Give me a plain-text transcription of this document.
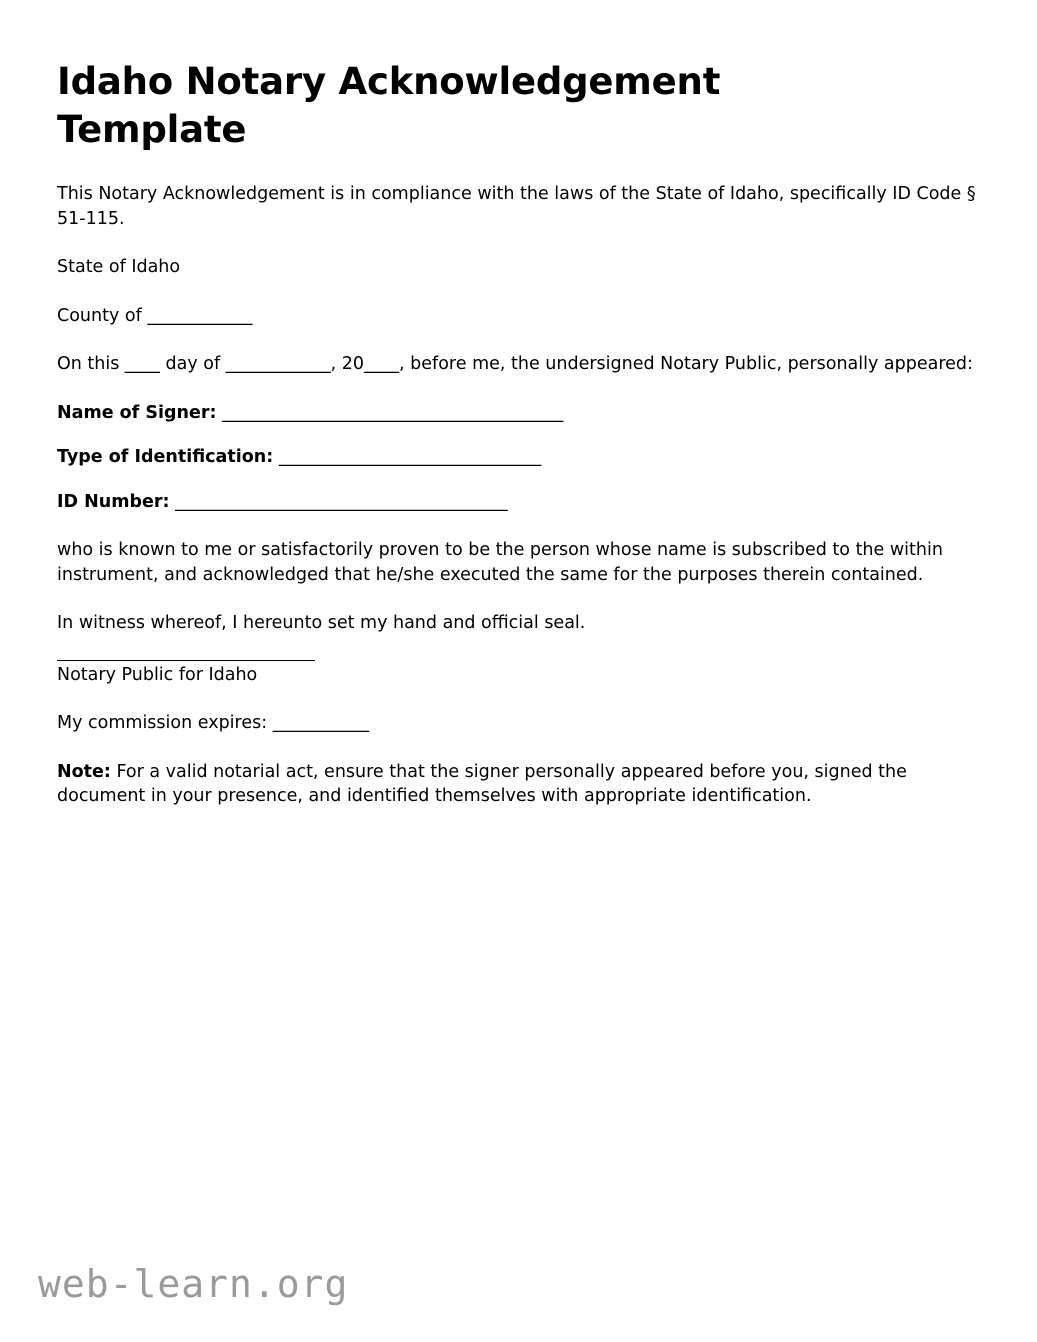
Idaho Notary Acknowledgement Template

This Notary Acknowledgement is in compliance with the laws of the State of Idaho, specifically ID Code § 51-115.

State of Idaho

County of ____________

On this ____ day of ____________, 20____, before me, the undersigned Notary Public, personally appeared:

Name of Signer: _______________________________________

Type of Identification: ______________________________

ID Number: ______________________________________

who is known to me or satisfactorily proven to be the person whose name is subscribed to the within instrument, and acknowledged that he/she executed the same for the purposes therein contained.

In witness whereof, I hereunto set my hand and official seal.

Notary Public for Idaho

My commission expires: ___________

Note: For a valid notarial act, ensure that the signer personally appeared before you, signed the document in your presence, and identified themselves with appropriate identification.

web-learn.org
